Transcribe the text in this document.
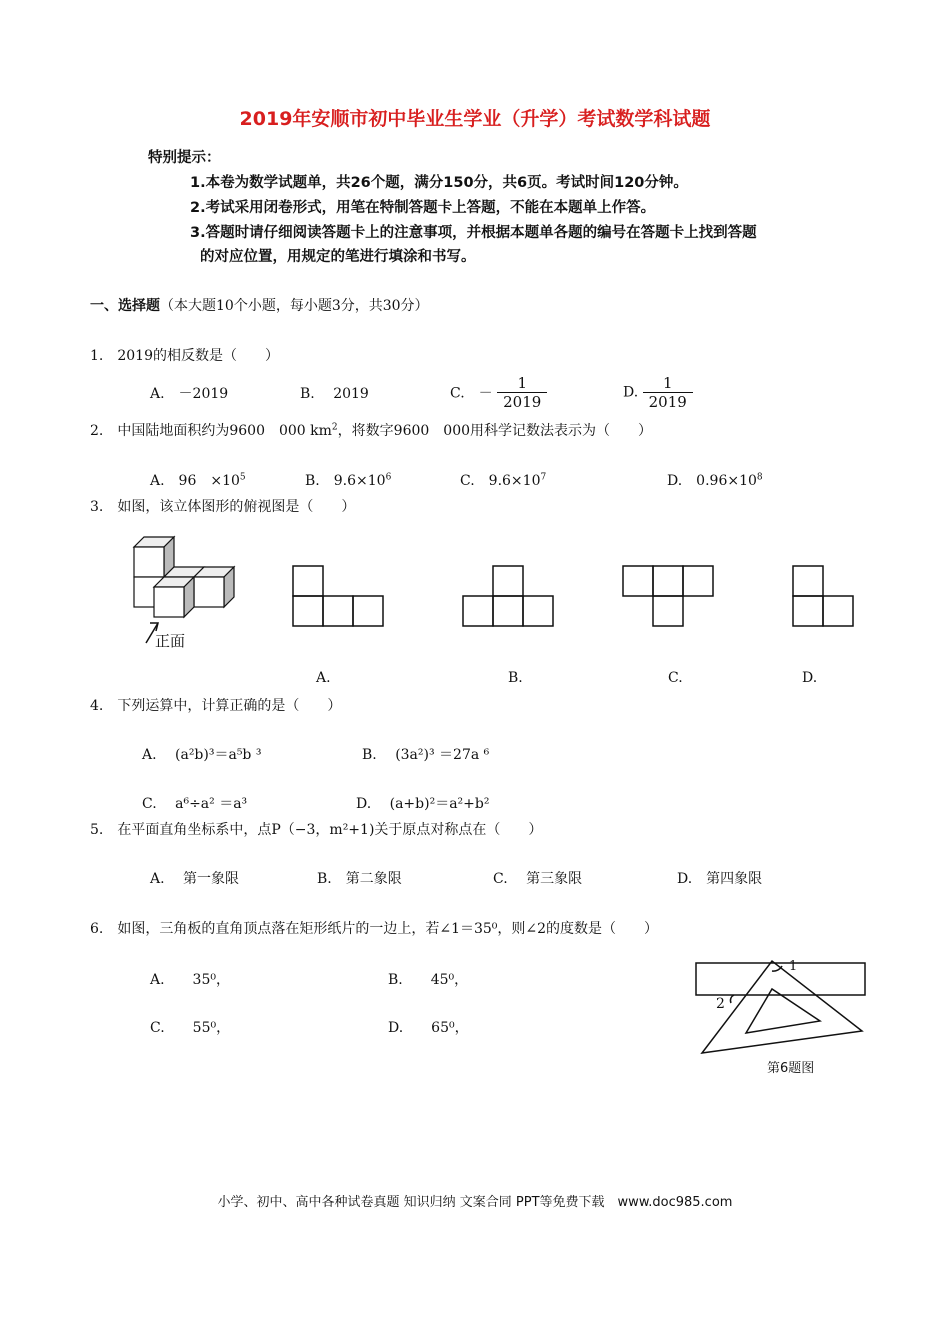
2019年安顺市初中毕业生学业（升学）考试数学科试题
特别提示：
1.本卷为数学试题单，共26个题，满分150分，共6页。考试时间120分钟。
2.考试采用闭卷形式，用笔在特制答题卡上答题，不能在本题单上作答。
3.答题时请仔细阅读答题卡上的注意事项，并根据本题单各题的编号在答题卡上找到答题
的对应位置，用规定的笔进行填涂和书写。
一、选择题（本大题10个小题，每小题3分，共30分）
1.　2019的相反数是（　　）
A.　－2019	B.　 2019	C.　－ $\frac{1}{2019}$	D. $\frac{1}{2019}$
2.　中国陆地面积约为9600　000 $km^2$，将数字9600　000用科学记数法表示为（　　）
A.　96　$\times 10^5$	B.　$9.6\times 10^6$	C.　$9.6\times 10^7$	D.　$0.96\times 10^8$
3.　如图，该立体图形的俯视图是（　　）
正面
A.	B.	C.	D.
4.　下列运算中，计算正确的是（　　）
A.　 (a²b)³＝a⁵b ³	B.　 (3a²)³ ＝27a ⁶
C.　 a⁶÷a² ＝a³	D.　 (a+b)²＝a²+b²
5.　在平面直角坐标系中，点P（−3，m²+1)关于原点对称点在（　　）
A.　 第一象限	B.　第二象限	C.　 第三象限	D.　第四象限
6.　如图，三角板的直角顶点落在矩形纸片的一边上，若∠1＝35⁰，则∠2的度数是（　　）
A.　　35⁰，	B.　　45⁰，
C.　　55⁰，	D.　　65⁰，
1
2
第6题图
小学、初中、高中各种试卷真题 知识归纳 文案合同 PPT等免费下载　www.doc985.com
